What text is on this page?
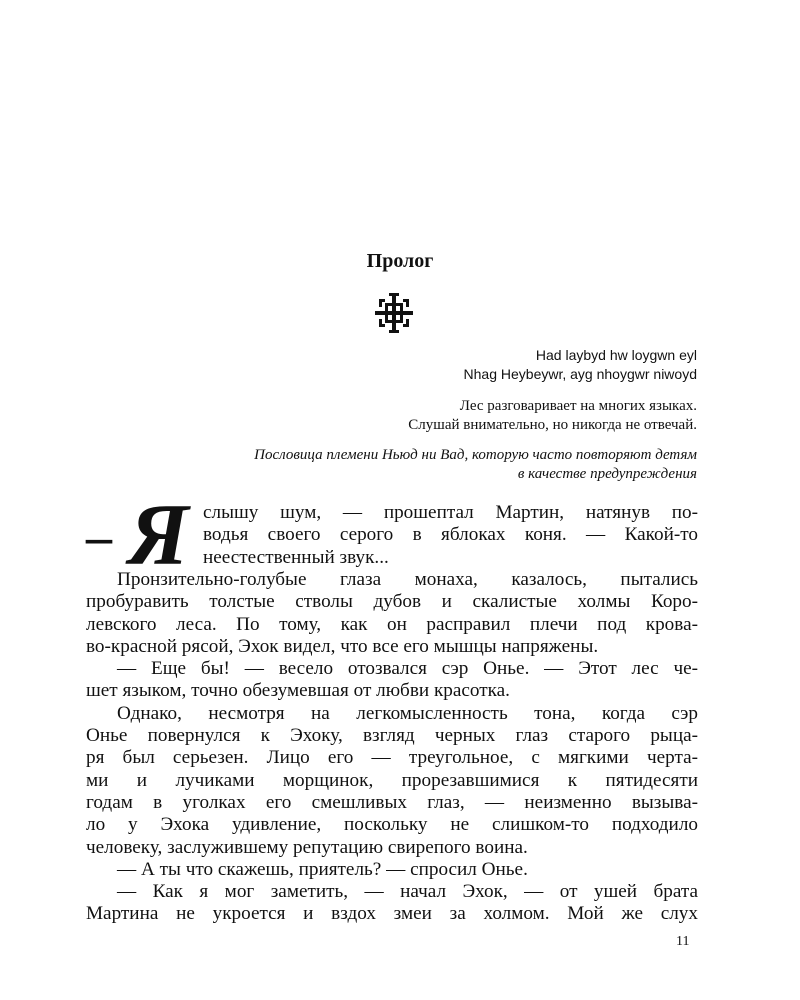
Пролог
Had laybyd hw loygwn eyl
Nhag Heybeywr, ayg nhoygwr niwoyd
Лес разговаривает на многих языках.
Слушай внимательно, но никогда не отвечай.
Пословица племени Ньюд ни Вад, которую часто повторяют детям
в качестве предупреждения
– Я слышу шум, — прошептал Мартин, натянув по-
водья своего серого в яблоках коня. — Какой-то
неестественный звук...
Пронзительно-голубые глаза монаха, казалось, пытались
пробуравить толстые стволы дубов и скалистые холмы Коро-
левского леса. По тому, как он расправил плечи под крова-
во-красной рясой, Эхок видел, что все его мышцы напряжены.
— Еще бы! — весело отозвался сэр Онье. — Этот лес че-
шет языком, точно обезумевшая от любви красотка.
Однако, несмотря на легкомысленность тона, когда сэр
Онье повернулся к Эхоку, взгляд черных глаз старого рыца-
ря был серьезен. Лицо его — треугольное, с мягкими черта-
ми и лучиками морщинок, прорезавшимися к пятидесяти
годам в уголках его смешливых глаз, — неизменно вызыва-
ло у Эхока удивление, поскольку не слишком-то подходило
человеку, заслужившему репутацию свирепого воина.
— А ты что скажешь, приятель? — спросил Онье.
— Как я мог заметить, — начал Эхок, — от ушей брата
Мартина не укроется и вздох змеи за холмом. Мой же слух
11
